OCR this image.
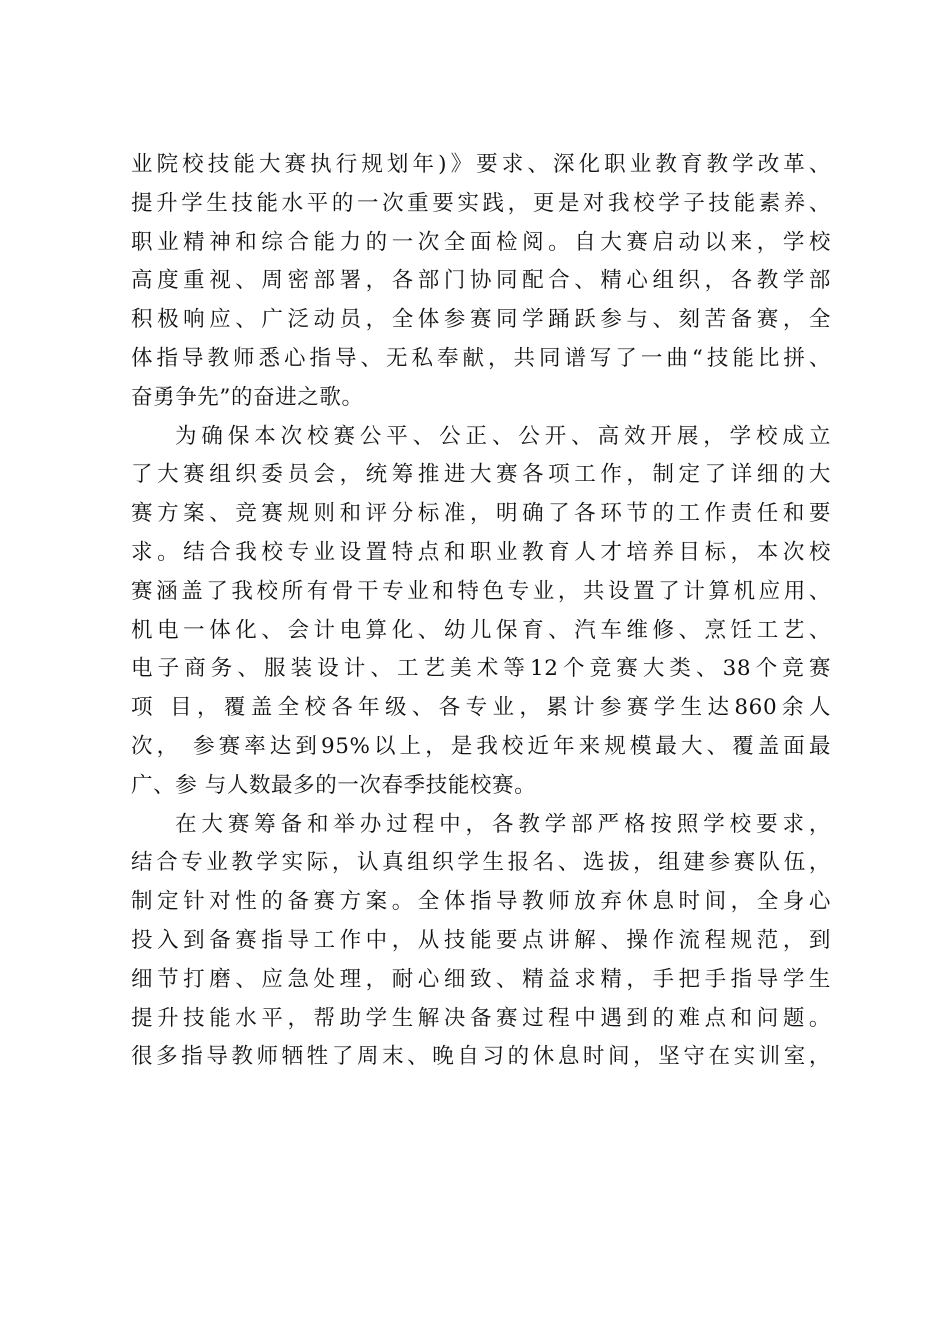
业院校技能大赛执行规划年)》要求、深化职业教育教学改革、
提升学生技能水平的一次重要实践，更是对我校学子技能素养、
职业精神和综合能力的一次全面检阅。自大赛启动以来，学校
高度重视、周密部署，各部门协同配合、精心组织，各教学部
积极响应、广泛动员，全体参赛同学踊跃参与、刻苦备赛，全
体指导教师悉心指导、无私奉献，共同谱写了一曲“技能比拼、
奋勇争先”的奋进之歌。
为确保本次校赛公平、公正、公开、高效开展，学校成立
了大赛组织委员会，统筹推进大赛各项工作，制定了详细的大
赛方案、竞赛规则和评分标准，明确了各环节的工作责任和要
求。结合我校专业设置特点和职业教育人才培养目标，本次校
赛涵盖了我校所有骨干专业和特色专业，共设置了计算机应用、
机电一体化、会计电算化、幼儿保育、汽车维修、烹饪工艺、
电子商务、服装设计、工艺美术等12个竞赛大类、38个竞赛
项 目，覆盖全校各年级、各专业，累计参赛学生达860余人
次， 参赛率达到95%以上，是我校近年来规模最大、覆盖面最
广、参 与人数最多的一次春季技能校赛。
在大赛筹备和举办过程中，各教学部严格按照学校要求，
结合专业教学实际，认真组织学生报名、选拔，组建参赛队伍，
制定针对性的备赛方案。全体指导教师放弃休息时间，全身心
投入到备赛指导工作中，从技能要点讲解、操作流程规范，到
细节打磨、应急处理，耐心细致、精益求精，手把手指导学生
提升技能水平，帮助学生解决备赛过程中遇到的难点和问题。
很多指导教师牺牲了周末、晚自习的休息时间，坚守在实训室，
